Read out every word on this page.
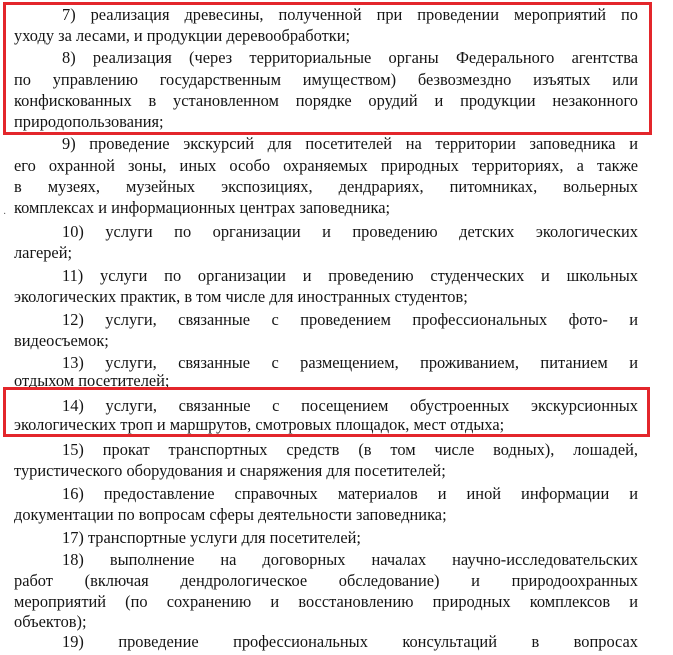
7) реализация древесины, полученной при проведении мероприятий по
уходу за лесами, и продукции деревообработки;
8) реализация (через территориальные органы Федерального агентства
по управлению государственным имуществом) безвозмездно изъятых или
конфискованных в установленном порядке орудий и продукции незаконного
природопользования;
9) проведение экскурсий для посетителей на территории заповедника и
его охранной зоны, иных особо охраняемых природных территориях, а также
в музеях, музейных экспозициях, дендрариях, питомниках, вольерных
комплексах и информационных центрах заповедника;
10) услуги по организации и проведению детских экологических
лагерей;
11) услуги по организации и проведению студенческих и школьных
экологических практик, в том числе для иностранных студентов;
12) услуги, связанные с проведением профессиональных фото- и
видеосъемок;
13) услуги, связанные с размещением, проживанием, питанием и
отдыхом посетителей;
14) услуги, связанные с посещением обустроенных экскурсионных
экологических троп и маршрутов, смотровых площадок, мест отдыха;
15) прокат транспортных средств (в том числе водных), лошадей,
туристического оборудования и снаряжения для посетителей;
16) предоставление справочных материалов и иной информации и
документации по вопросам сферы деятельности заповедника;
17) транспортные услуги для посетителей;
18) выполнение на договорных началах научно-исследовательских
работ (включая дендрологическое обследование) и природоохранных
мероприятий (по сохранению и восстановлению природных комплексов и
объектов);
19) проведение профессиональных консультаций в вопросах
·
